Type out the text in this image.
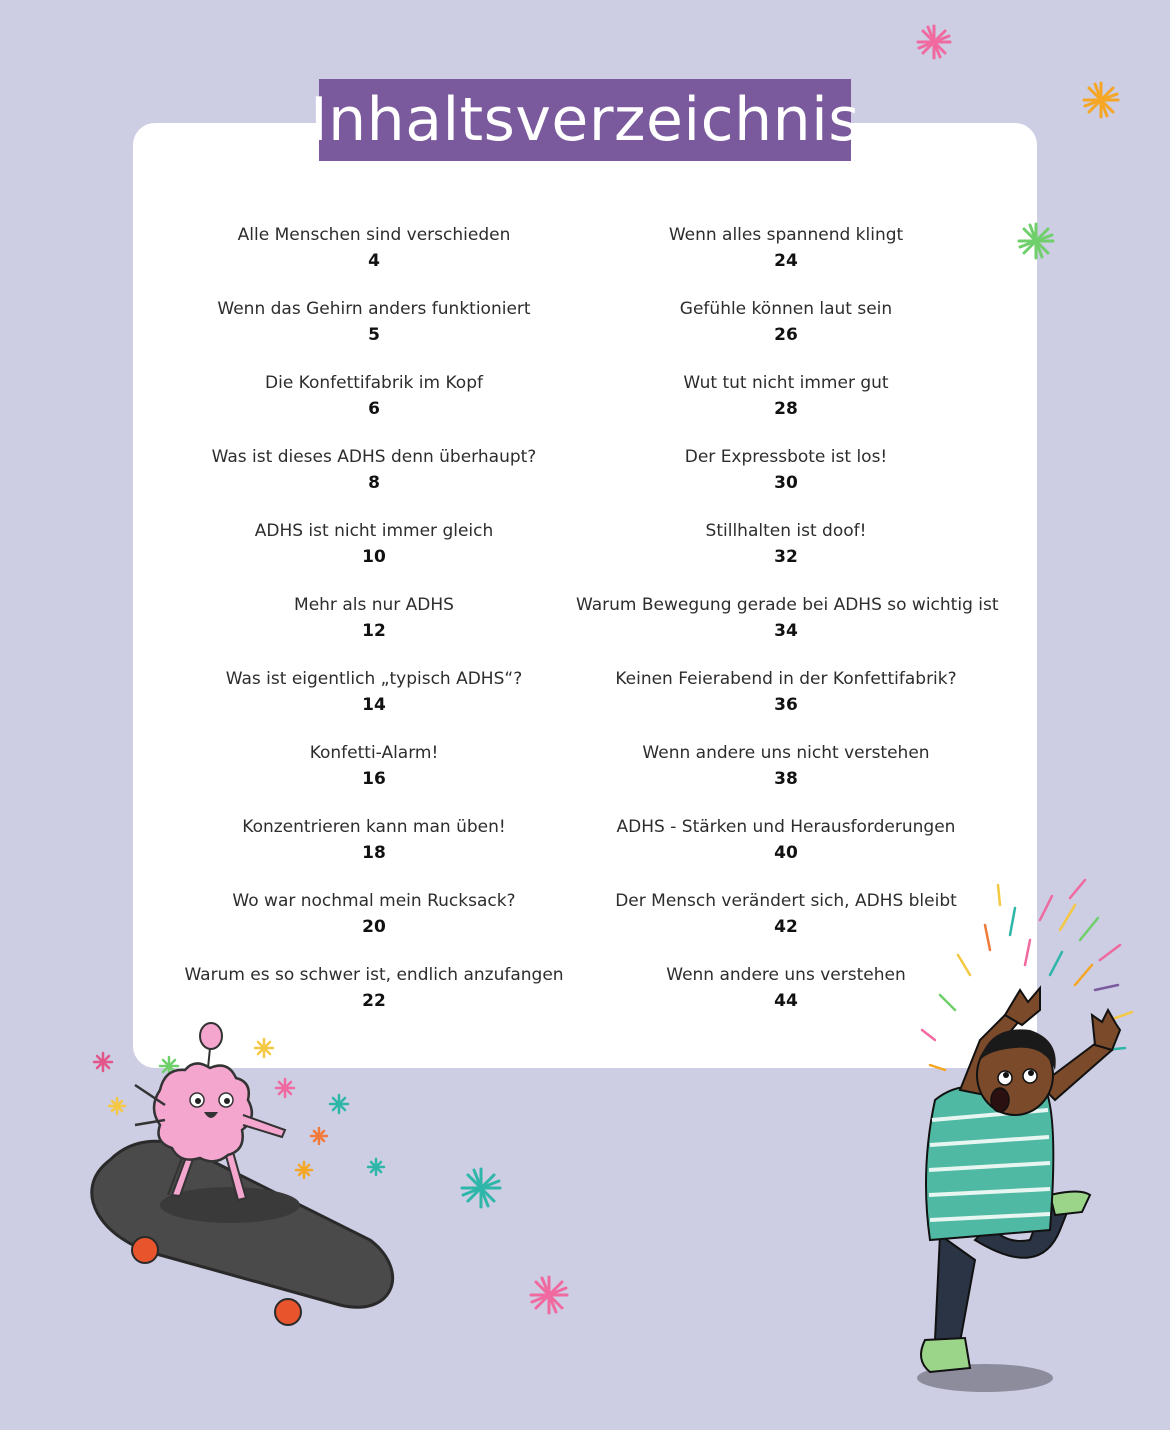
Inhaltsverzeichnis
Alle Menschen sind verschieden
4
Wenn das Gehirn anders funktioniert
5
Die Konfettifabrik im Kopf
6
Was ist dieses ADHS denn überhaupt?
8
ADHS ist nicht immer gleich
10
Mehr als nur ADHS
12
Was ist eigentlich „typisch ADHS“?
14
Konfetti-Alarm!
16
Konzentrieren kann man üben!
18
Wo war nochmal mein Rucksack?
20
Warum es so schwer ist, endlich anzufangen
22
Wenn alles spannend klingt
24
Gefühle können laut sein
26
Wut tut nicht immer gut
28
Der Expressbote ist los!
30
Stillhalten ist doof!
32
Warum Bewegung gerade bei ADHS so wichtig ist
34
Keinen Feierabend in der Konfettifabrik?
36
Wenn andere uns nicht verstehen
38
ADHS - Stärken und Herausforderungen
40
Der Mensch verändert sich, ADHS bleibt
42
Wenn andere uns verstehen
44
